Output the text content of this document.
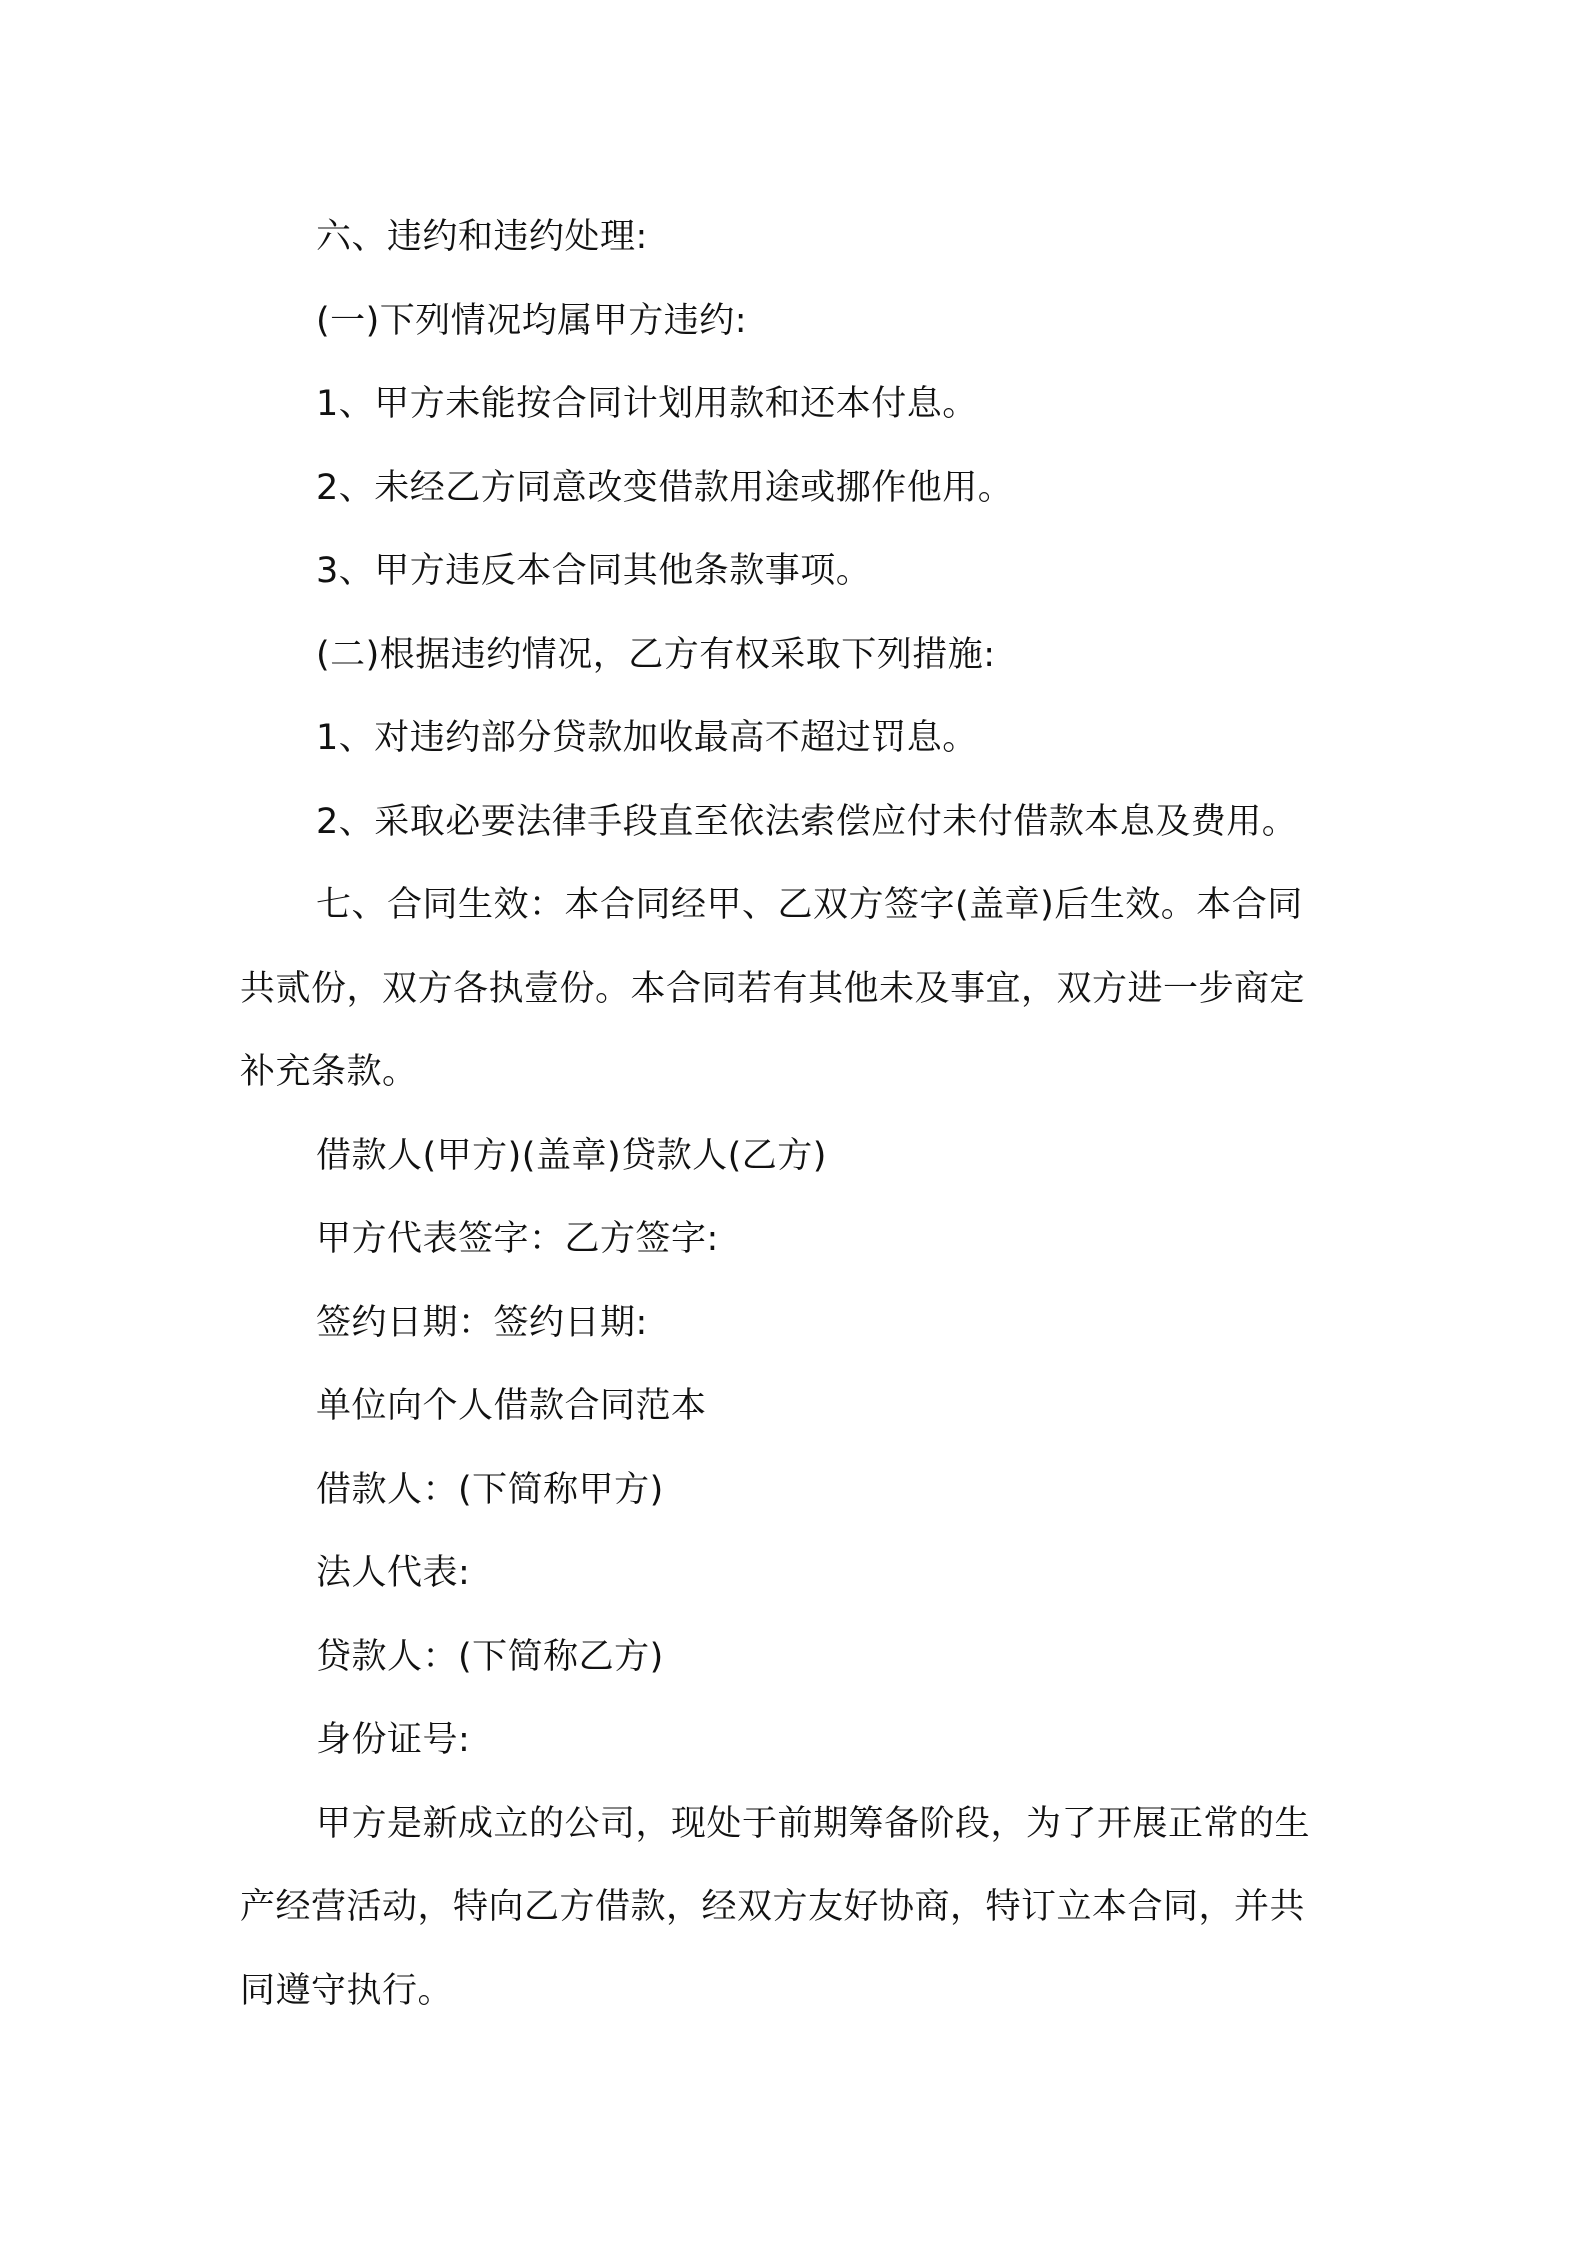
六、违约和违约处理:

(一)下列情况均属甲方违约:

1、甲方未能按合同计划用款和还本付息。

2、未经乙方同意改变借款用途或挪作他用。

3、甲方违反本合同其他条款事项。

(二)根据违约情况，乙方有权采取下列措施:

1、对违约部分贷款加收最高不超过罚息。

2、采取必要法律手段直至依法索偿应付未付借款本息及费用。

七、合同生效：本合同经甲、乙双方签字(盖章)后生效。本合同

共贰份，双方各执壹份。本合同若有其他未及事宜，双方进一步商定

补充条款。

借款人(甲方)(盖章)贷款人(乙方)

甲方代表签字：乙方签字:

签约日期：签约日期:

单位向个人借款合同范本

借款人：(下简称甲方)

法人代表:

贷款人：(下简称乙方)

身份证号:

甲方是新成立的公司，现处于前期筹备阶段，为了开展正常的生

产经营活动，特向乙方借款，经双方友好协商，特订立本合同，并共

同遵守执行。
